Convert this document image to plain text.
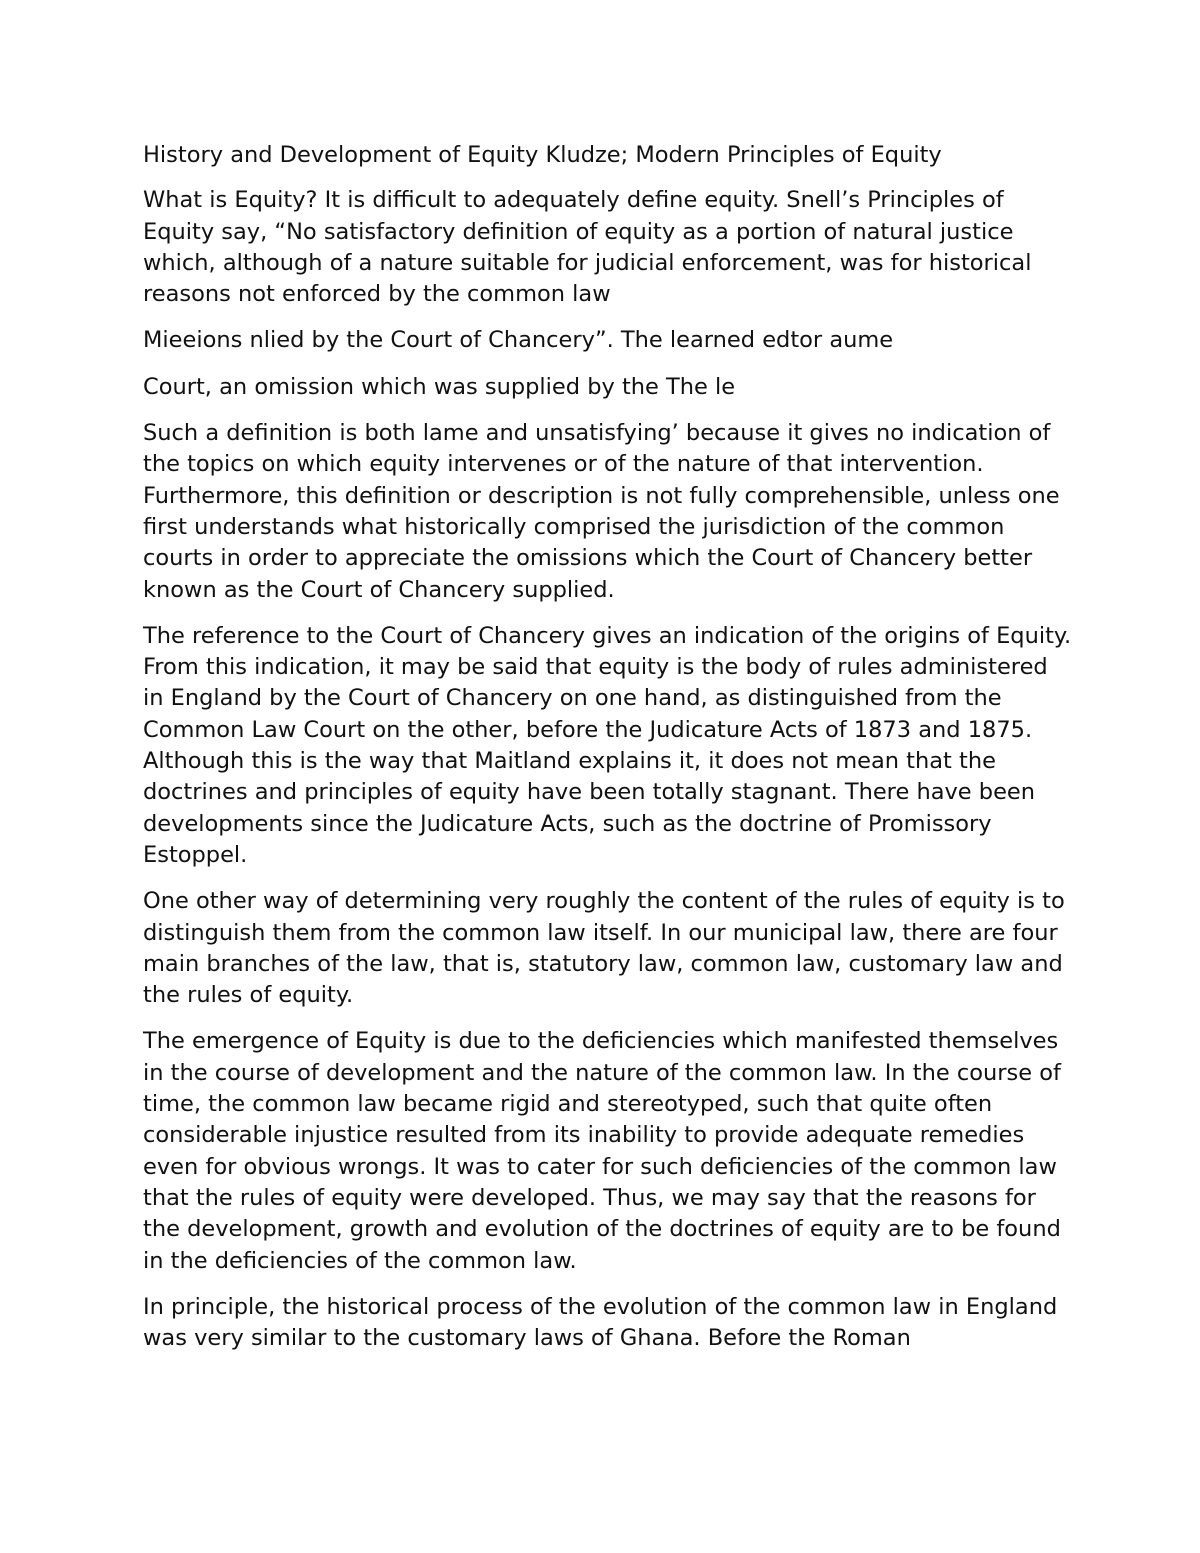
History and Development of Equity Kludze; Modern Principles of Equity

What is Equity? It is difficult to adequately define equity. Snell’s Principles of Equity say, “No satisfactory definition of equity as a portion of natural justice which, although of a nature suitable for judicial enforcement, was for historical reasons not enforced by the common law

Mieeions nlied by the Court of Chancery”. The learned edtor aume

Court, an omission which was supplied by the The le

Such a definition is both lame and unsatisfying’ because it gives no indication of the topics on which equity intervenes or of the nature of that intervention. Furthermore, this definition or description is not fully comprehensible, unless one first understands what historically comprised the jurisdiction of the common courts in order to appreciate the omissions which the Court of Chancery better known as the Court of Chancery supplied.

The reference to the Court of Chancery gives an indication of the origins of Equity. From this indication, it may be said that equity is the body of rules administered in England by the Court of Chancery on one hand, as distinguished from the Common Law Court on the other, before the Judicature Acts of 1873 and 1875. Although this is the way that Maitland explains it, it does not mean that the doctrines and principles of equity have been totally stagnant. There have been developments since the Judicature Acts, such as the doctrine of Promissory Estoppel.

One other way of determining very roughly the content of the rules of equity is to distinguish them from the common law itself. In our municipal law, there are four main branches of the law, that is, statutory law, common law, customary law and the rules of equity.

The emergence of Equity is due to the deficiencies which manifested themselves in the course of development and the nature of the common law. In the course of time, the common law became rigid and stereotyped, such that quite often considerable injustice resulted from its inability to provide adequate remedies even for obvious wrongs. It was to cater for such deficiencies of the common law that the rules of equity were developed. Thus, we may say that the reasons for the development, growth and evolution of the doctrines of equity are to be found in the deficiencies of the common law.

In principle, the historical process of the evolution of the common law in England was very similar to the customary laws of Ghana. Before the Roman
